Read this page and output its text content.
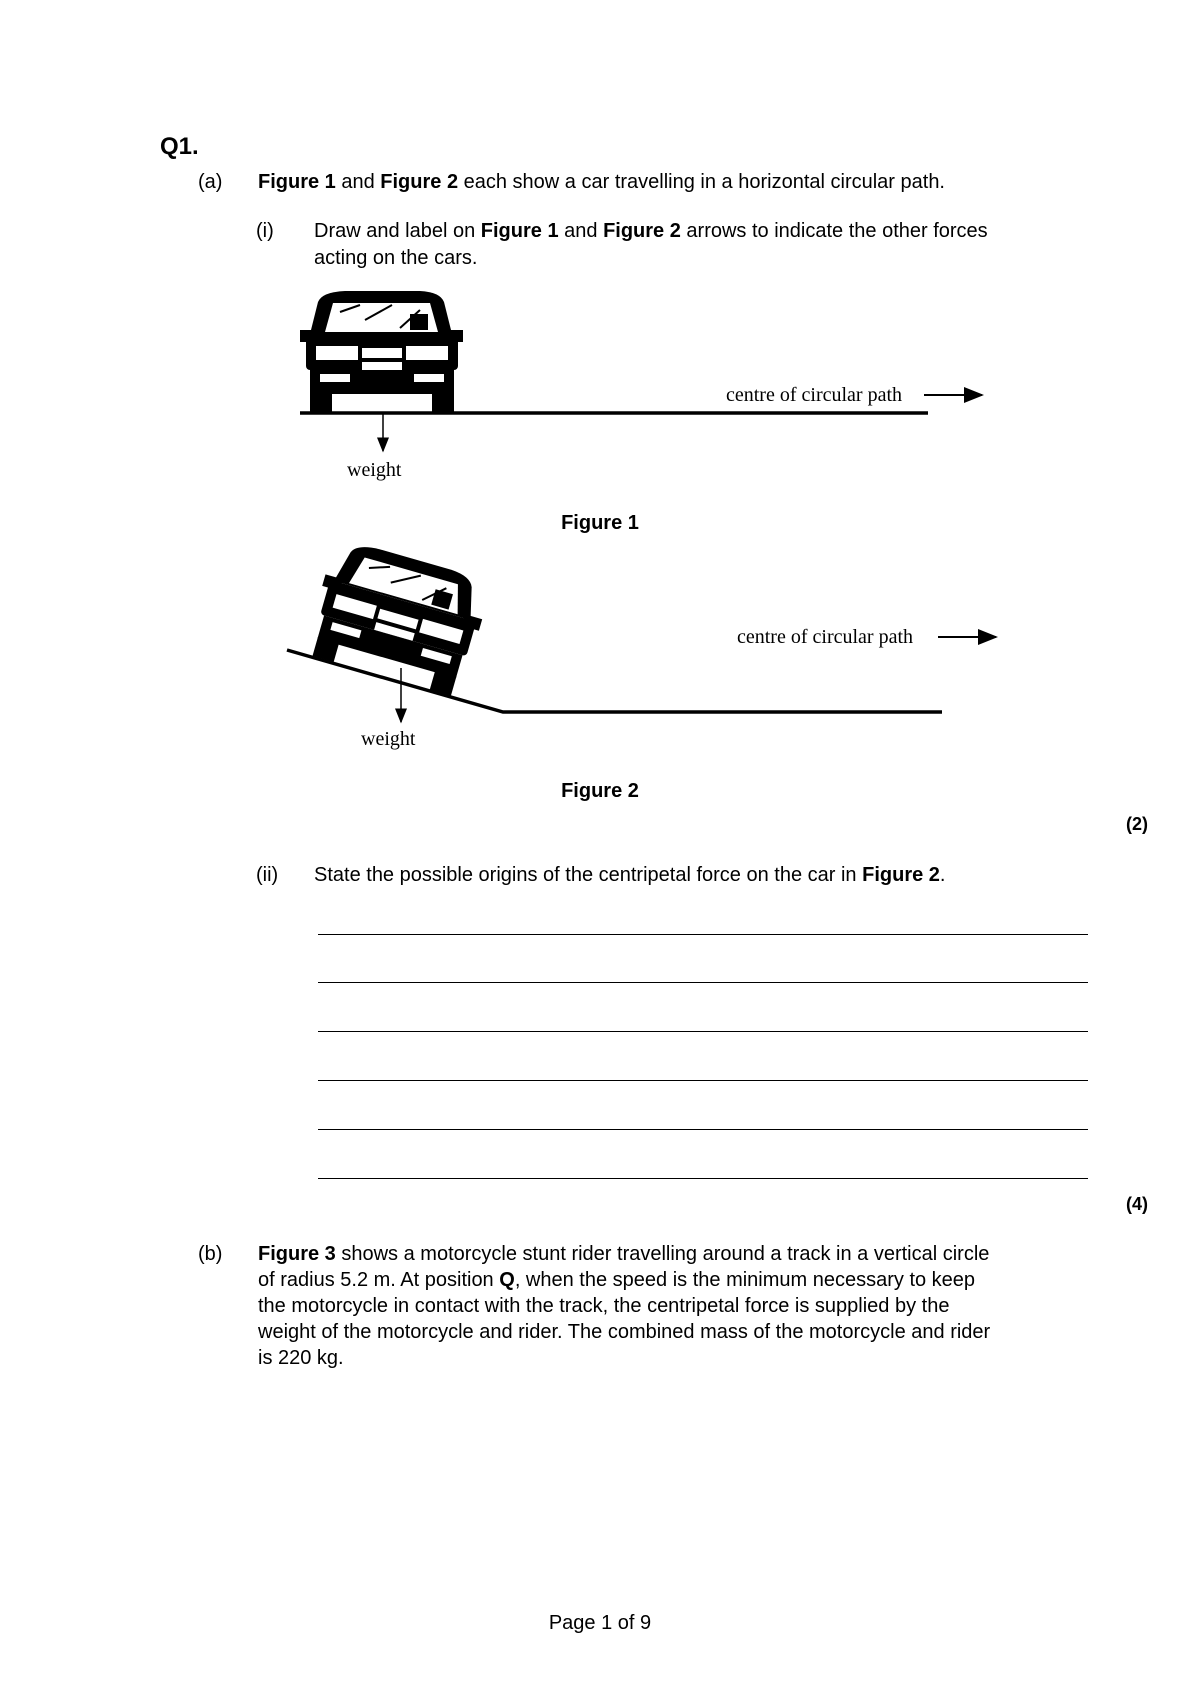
Q1.
(a) Figure 1 and Figure 2 each show a car travelling in a horizontal circular path.
(i) Draw and label on Figure 1 and Figure 2 arrows to indicate the other forces
acting on the cars.
centre of circular path
weight
centre of circular path
weight
Figure 1
Figure 2
(2)
(ii) State the possible origins of the centripetal force on the car in Figure 2.
(4)
(b) Figure 3 shows a motorcycle stunt rider travelling around a track in a vertical circle
of radius 5.2 m. At position Q, when the speed is the minimum necessary to keep
the motorcycle in contact with the track, the centripetal force is supplied by the
weight of the motorcycle and rider. The combined mass of the motorcycle and rider
is 220 kg.
Page 1 of 9
